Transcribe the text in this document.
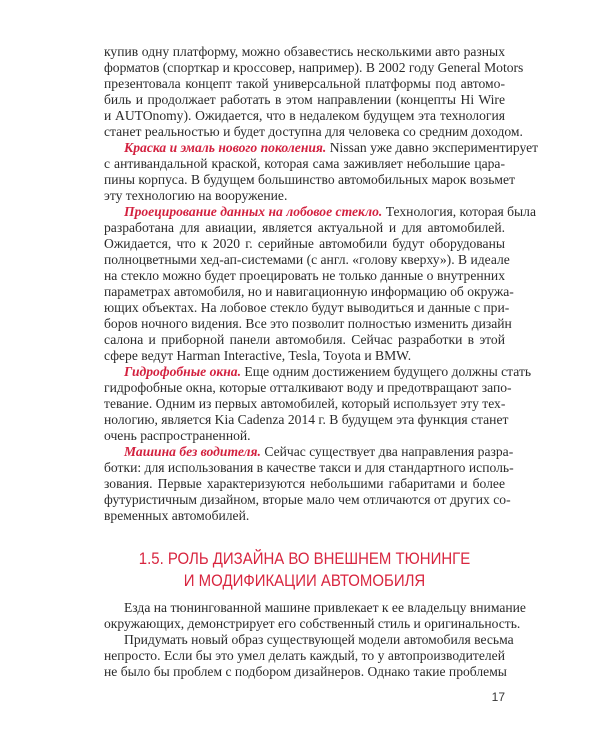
купив одну платформу, можно обзавестись несколькими авто разных
форматов (спорткар и кроссовер, например). В 2002 году General Motors
презентовала концепт такой универсальной платформы под автомо-
биль и продолжает работать в этом направлении (концепты Hi Wire
и AUTOnomy). Ожидается, что в недалеком будущем эта технология
станет реальностью и будет доступна для человека со средним доходом.
Краска и эмаль нового поколения. Nissan уже давно экспериментирует
с антивандальной краской, которая сама заживляет небольшие цара-
пины корпуса. В будущем большинство автомобильных марок возьмет
эту технологию на вооружение.
Проецирование данных на лобовое стекло. Технология, которая была
разработана для авиации, является актуальной и для автомобилей.
Ожидается, что к 2020 г. серийные автомобили будут оборудованы
полноцветными хед-ап-системами (с англ. «голову кверху»). В идеале
на стекло можно будет проецировать не только данные о внутренних
параметрах автомобиля, но и навигационную информацию об окружа-
ющих объектах. На лобовое стекло будут выводиться и данные с при-
боров ночного видения. Все это позволит полностью изменить дизайн
салона и приборной панели автомобиля. Сейчас разработки в этой
сфере ведут Harman Interactive, Tesla, Toyota и BMW.
Гидрофобные окна. Еще одним достижением будущего должны стать
гидрофобные окна, которые отталкивают воду и предотвращают запо-
тевание. Одним из первых автомобилей, который использует эту тех-
нологию, является Kia Cadenza 2014 г. В будущем эта функция станет
очень распространенной.
Машина без водителя. Сейчас существует два направления разра-
ботки: для использования в качестве такси и для стандартного исполь-
зования. Первые характеризуются небольшими габаритами и более
футуристичным дизайном, вторые мало чем отличаются от других со-
временных автомобилей.
1.5. РОЛЬ ДИЗАЙНА ВО ВНЕШНЕМ ТЮНИНГЕ
И МОДИФИКАЦИИ АВТОМОБИЛЯ
Езда на тюнингованной машине привлекает к ее владельцу внимание
окружающих, демонстрирует его собственный стиль и оригинальность.
Придумать новый образ существующей модели автомобиля весьма
непросто. Если бы это умел делать каждый, то у автопроизводителей
не было бы проблем с подбором дизайнеров. Однако такие проблемы
17
